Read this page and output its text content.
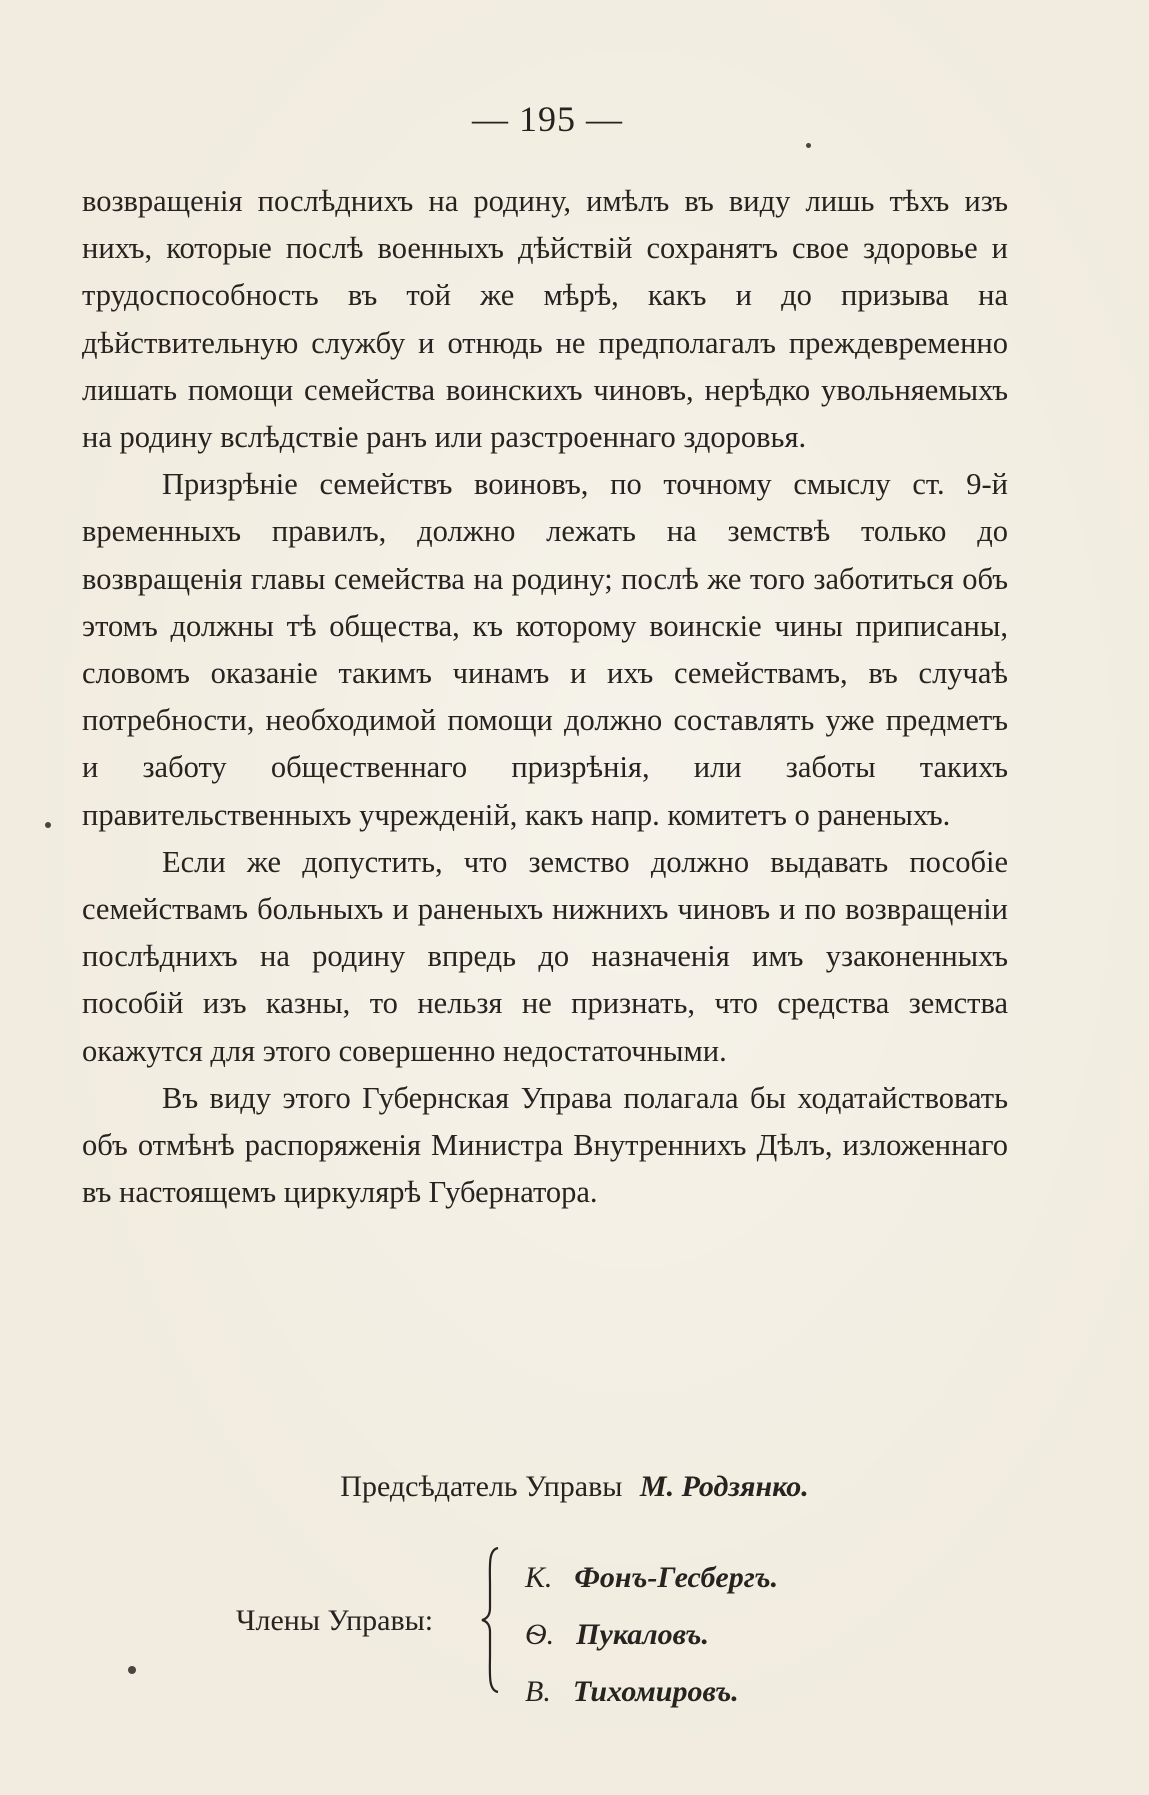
— 195 —

возвращенія послѣднихъ на родину, имѣлъ въ виду лишь тѣхъ изъ нихъ, которые послѣ военныхъ дѣйствій сохранятъ свое здоровье и трудоспособность въ той же мѣрѣ, какъ и до призыва на дѣйствительную службу и отнюдь не предполагалъ преждевременно лишать помощи семейства воинскихъ чиновъ, нерѣдко увольняемыхъ на родину вслѣдствіе ранъ или разстроеннаго здоровья.

Призрѣніе семействъ воиновъ, по точному смыслу ст. 9-й временныхъ правилъ, должно лежать на земствѣ только до возвращенія главы семейства на родину; послѣ же того заботиться объ этомъ должны тѣ общества, къ которому воинскіе чины приписаны, словомъ оказаніе такимъ чинамъ и ихъ семействамъ, въ случаѣ потребности, необходимой помощи должно составлять уже предметъ и заботу общественнаго призрѣнія, или заботы такихъ правительственныхъ учрежденій, какъ напр. комитетъ о раненыхъ.

Если же допустить, что земство должно выдавать пособіе семействамъ больныхъ и раненыхъ нижнихъ чиновъ и по возвращеніи послѣднихъ на родину впредь до назначенія имъ узаконенныхъ пособій изъ казны, то нельзя не признать, что средства земства окажутся для этого совершенно недостаточными.

Въ виду этого Губернская Управа полагала бы ходатайствовать объ отмѣнѣ распоряженія Министра Внутреннихъ Дѣлъ, изложеннаго въ настоящемъ циркулярѣ Губернатора.

Предсѣдатель Управы М. Родзянко.
Члены Управы:
К. Фонъ-Гесбергъ.
Ѳ. Пукаловъ.
В. Тихомировъ.
